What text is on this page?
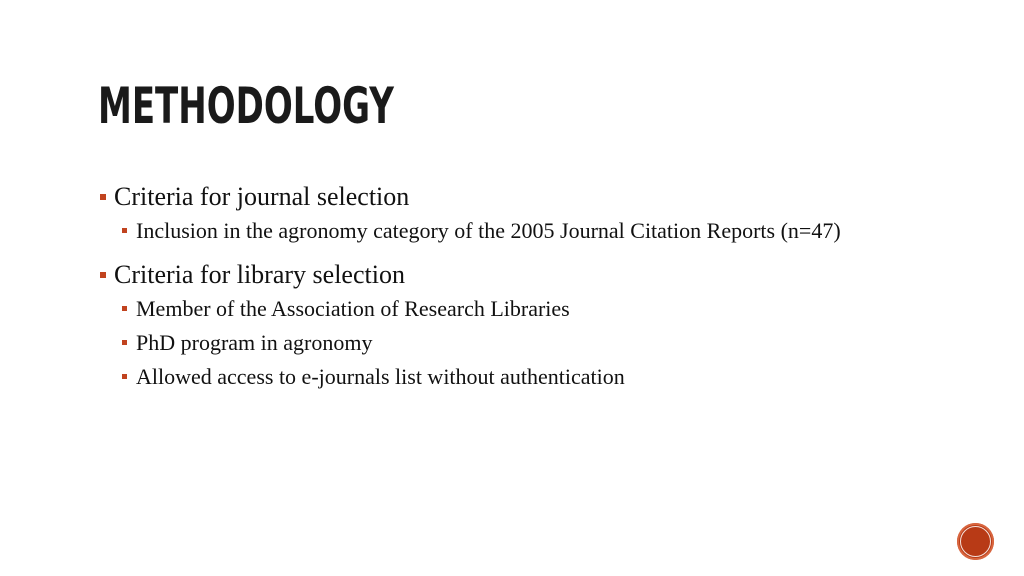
METHODOLOGY
Criteria for journal selection
Inclusion in the agronomy category of the 2005 Journal Citation Reports (n=47)
Criteria for library selection
Member of the Association of Research Libraries
PhD program in agronomy
Allowed access to e-journals list without authentication
